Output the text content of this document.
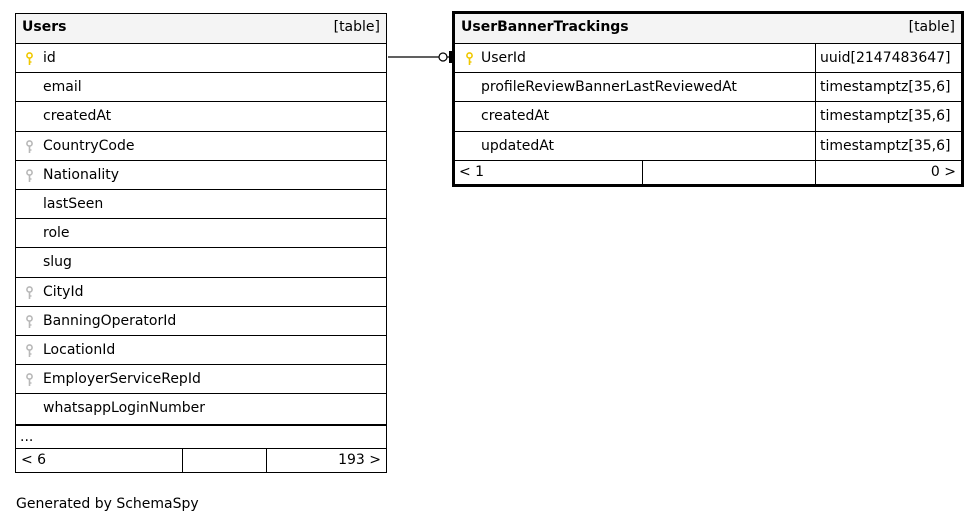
Users	[table]
id
email
createdAt
CountryCode
Nationality
lastSeen
role
slug
CityId
BanningOperatorId
LocationId
EmployerServiceRepId
whatsappLoginNumber
...
< 6	193 >
UserBannerTrackings	[table]
UserId	uuid[2147483647]
profileReviewBannerLastReviewedAt	timestamptz[35,6]
createdAt	timestamptz[35,6]
updatedAt	timestamptz[35,6]
< 1	0 >
Generated by SchemaSpy
